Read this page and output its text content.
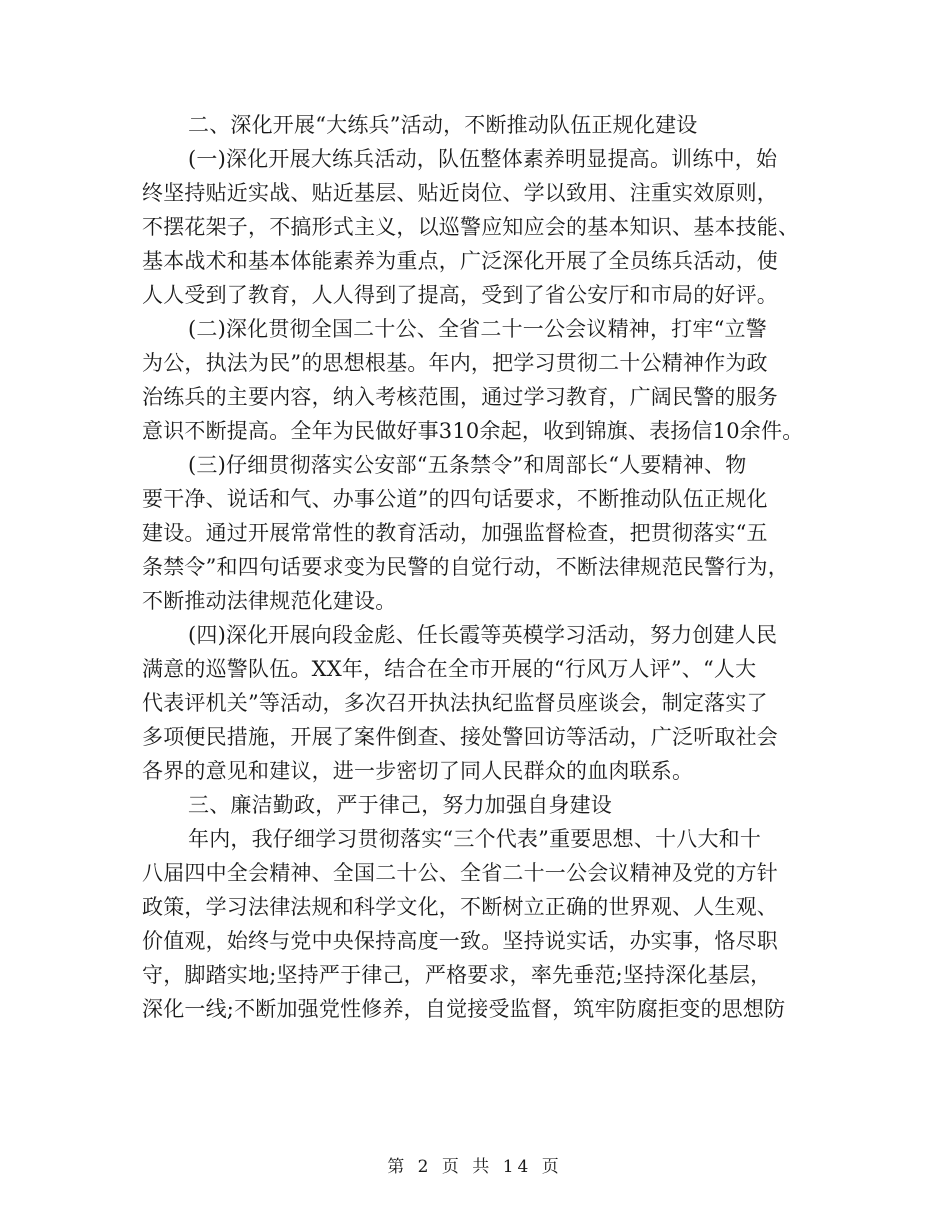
二、深化开展“大练兵”活动，不断推动队伍正规化建设
(一)深化开展大练兵活动，队伍整体素养明显提高。训练中，始
终坚持贴近实战、贴近基层、贴近岗位、学以致用、注重实效原则，
不摆花架子，不搞形式主义，以巡警应知应会的基本知识、基本技能、
基本战术和基本体能素养为重点，广泛深化开展了全员练兵活动，使
人人受到了教育，人人得到了提高，受到了省公安厅和市局的好评。
(二)深化贯彻全国二十公、全省二十一公会议精神，打牢“立警
为公，执法为民”的思想根基。年内，把学习贯彻二十公精神作为政
治练兵的主要内容，纳入考核范围，通过学习教育，广阔民警的服务
意识不断提高。全年为民做好事310余起，收到锦旗、表扬信10余件。
(三)仔细贯彻落实公安部“五条禁令”和周部长“人要精神、物
要干净、说话和气、办事公道”的四句话要求，不断推动队伍正规化
建设。通过开展常常性的教育活动，加强监督检查，把贯彻落实“五
条禁令”和四句话要求变为民警的自觉行动，不断法律规范民警行为，
不断推动法律规范化建设。
(四)深化开展向段金彪、任长霞等英模学习活动，努力创建人民
满意的巡警队伍。XX年，结合在全市开展的“行风万人评”、“人大
代表评机关”等活动，多次召开执法执纪监督员座谈会，制定落实了
多项便民措施，开展了案件倒查、接处警回访等活动，广泛听取社会
各界的意见和建议，进一步密切了同人民群众的血肉联系。
三、廉洁勤政，严于律己，努力加强自身建设
年内，我仔细学习贯彻落实“三个代表”重要思想、十八大和十
八届四中全会精神、全国二十公、全省二十一公会议精神及党的方针
政策，学习法律法规和科学文化，不断树立正确的世界观、人生观、
价值观，始终与党中央保持高度一致。坚持说实话，办实事，恪尽职
守，脚踏实地;坚持严于律己，严格要求，率先垂范;坚持深化基层，
深化一线;不断加强党性修养，自觉接受监督，筑牢防腐拒变的思想防
第 2 页 共 14 页
